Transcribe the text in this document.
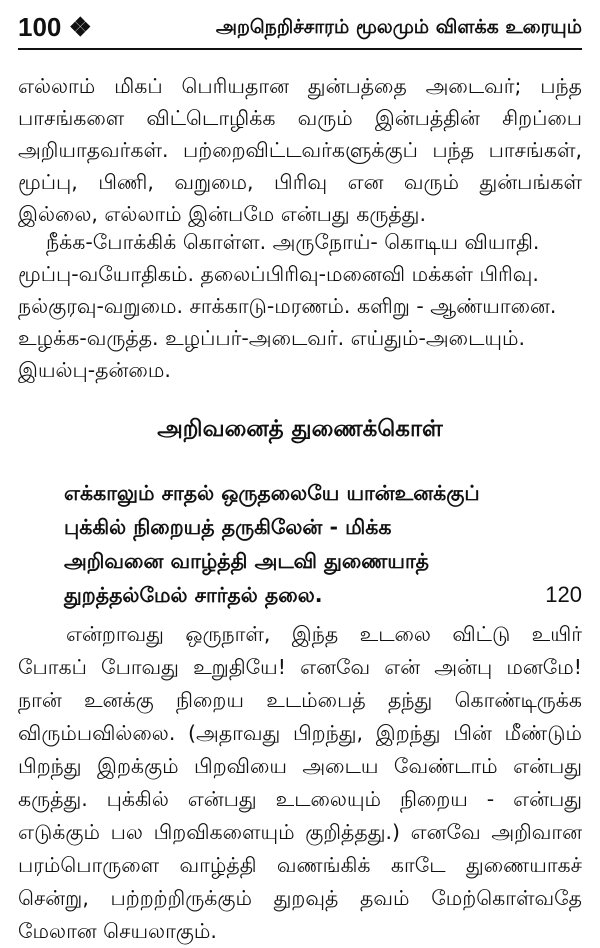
100 ❖	அறநெறிச்சாரம் மூலமும் விளக்க உரையும்
எல்லாம் மிகப் பெரியதான துன்பத்தை அடைவர்; பந்த பாசங்களை விட்டொழிக்க வரும் இன்பத்தின் சிறப்பை அறியாதவர்கள். பற்றைவிட்டவர்களுக்குப் பந்த பாசங்கள், மூப்பு, பிணி, வறுமை, பிரிவு என வரும் துன்பங்கள் இல்லை, எல்லாம் இன்பமே என்பது கருத்து.
நீக்க-போக்கிக் கொள்ள. அருநோய்- கொடிய வியாதி. மூப்பு-வயோதிகம். தலைப்பிரிவு-மனைவி மக்கள் பிரிவு. நல்குரவு-வறுமை. சாக்காடு-மரணம். களிறு - ஆண்யானை. உழக்க-வருத்த. உழப்பர்-அடைவர். எய்தும்-அடையும். இயல்பு-தன்மை.
அறிவனைத் துணைக்கொள்
எக்காலும் சாதல் ஒருதலையே யான்உனக்குப்
புக்கில் நிறையத் தருகிலேன் - மிக்க
அறிவனை வாழ்த்தி அடவி துணையாத்
துறத்தல்மேல் சார்தல் தலை.	120
என்றாவது ஒருநாள், இந்த உடலை விட்டு உயிர் போகப் போவது உறுதியே! எனவே என் அன்பு மனமே! நான் உனக்கு நிறைய உடம்பைத் தந்து கொண்டிருக்க விரும்பவில்லை. (அதாவது பிறந்து, இறந்து பின் மீண்டும் பிறந்து இறக்கும் பிறவியை அடைய வேண்டாம் என்பது கருத்து. புக்கில் என்பது உடலையும் நிறைய - என்பது எடுக்கும் பல பிறவிகளையும் குறித்தது.) எனவே அறிவான பரம்பொருளை வாழ்த்தி வணங்கிக் காடே துணையாகச் சென்று, பற்றற்றிருக்கும் துறவுத் தவம் மேற்கொள்வதே மேலான செயலாகும்.
